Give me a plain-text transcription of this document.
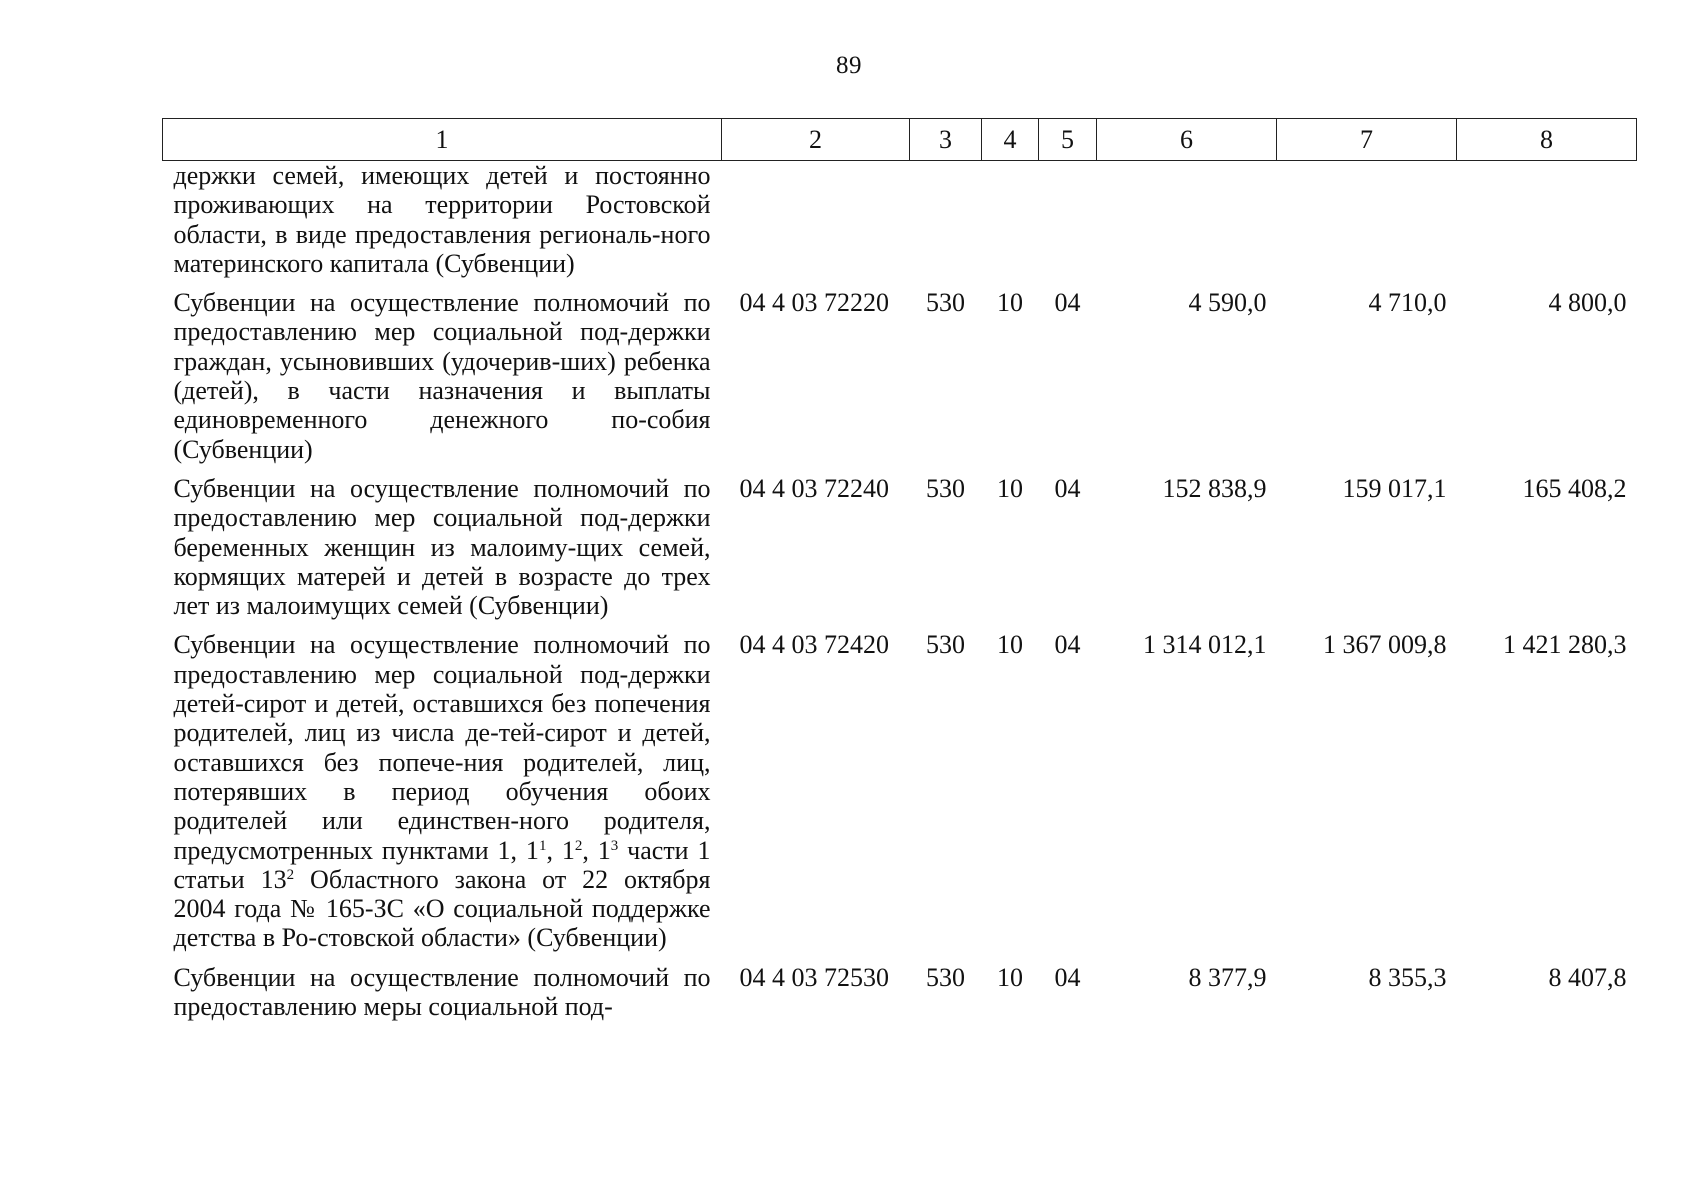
89
1	2	3	4	5	6	7	8
держки семей, имеющих детей и постоянно проживающих на территории Ростовской области, в виде предоставления региональ-ного материнского капитала (Субвенции)							
Субвенции на осуществление полномочий по предоставлению мер социальной под-держки граждан, усыновивших (удочерив-ших) ребенка (детей), в части назначения и выплаты единовременного денежного по-собия (Субвенции)	04 4 03 72220	530	10	04	4 590,0	4 710,0	4 800,0
Субвенции на осуществление полномочий по предоставлению мер социальной под-держки беременных женщин из малоиму-щих семей, кормящих матерей и детей в возрасте до трех лет из малоимущих семей (Субвенции)	04 4 03 72240	530	10	04	152 838,9	159 017,1	165 408,2
Субвенции на осуществление полномочий по предоставлению мер социальной под-держки детей-сирот и детей, оставшихся без попечения родителей, лиц из числа де-тей-сирот и детей, оставшихся без попече-ния родителей, лиц, потерявших в период обучения обоих родителей или единствен-ного родителя, предусмотренных пунктами 1, $1^1$, $1^2$, $1^3$ части 1 статьи $13^2$ Областного закона от 22 октября 2004 года № 165-ЗС «О социальной поддержке детства в Ро-стовской области» (Субвенции)	04 4 03 72420	530	10	04	1 314 012,1	1 367 009,8	1 421 280,3
Субвенции на осуществление полномочий по предоставлению меры социальной под-	04 4 03 72530	530	10	04	8 377,9	8 355,3	8 407,8
